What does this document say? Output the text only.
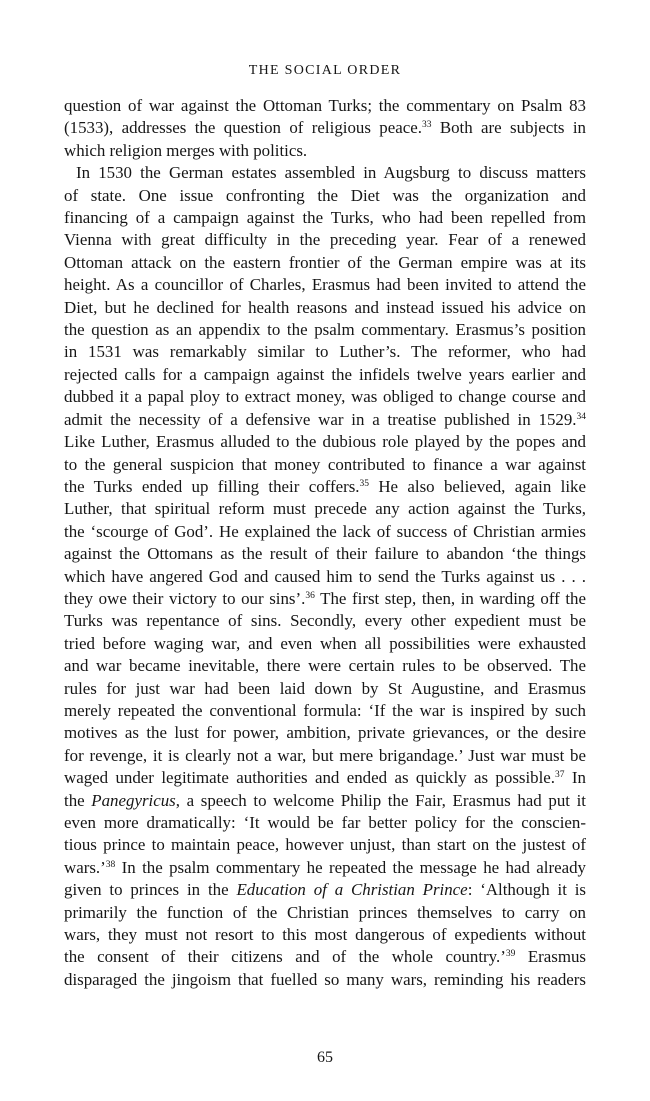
THE SOCIAL ORDER
question of war against the Ottoman Turks; the commentary on Psalm 83
(1533), addresses the question of religious peace.$^{33}$ Both are subjects in
which religion merges with politics.
In 1530 the German estates assembled in Augsburg to discuss matters
of state. One issue confronting the Diet was the organization and
financing of a campaign against the Turks, who had been repelled from
Vienna with great difficulty in the preceding year. Fear of a renewed
Ottoman attack on the eastern frontier of the German empire was at its
height. As a councillor of Charles, Erasmus had been invited to attend the
Diet, but he declined for health reasons and instead issued his advice on
the question as an appendix to the psalm commentary. Erasmus’s position
in 1531 was remarkably similar to Luther’s. The reformer, who had
rejected calls for a campaign against the infidels twelve years earlier and
dubbed it a papal ploy to extract money, was obliged to change course and
admit the necessity of a defensive war in a treatise published in 1529.34
Like Luther, Erasmus alluded to the dubious role played by the popes and
to the general suspicion that money contributed to finance a war against
the Turks ended up filling their coffers.$^{35}$ He also believed, again like
Luther, that spiritual reform must precede any action against the Turks,
the ‘scourge of God’. He explained the lack of success of Christian armies
against the Ottomans as the result of their failure to abandon ‘the things
which have angered God and caused him to send the Turks against us . . .
they owe their victory to our sins’.$^{36}$ The first step, then, in warding off the
Turks was repentance of sins. Secondly, every other expedient must be
tried before waging war, and even when all possibilities were exhausted
and war became inevitable, there were certain rules to be observed. The
rules for just war had been laid down by St Augustine, and Erasmus
merely repeated the conventional formula: ‘If the war is inspired by such
motives as the lust for power, ambition, private grievances, or the desire
for revenge, it is clearly not a war, but mere brigandage.’ Just war must be
waged under legitimate authorities and ended as quickly as possible.$^{37}$ In
the Panegyricus, a speech to welcome Philip the Fair, Erasmus had put it
even more dramatically: ‘It would be far better policy for the conscien-
tious prince to maintain peace, however unjust, than start on the justest of
wars.’$^{38}$ In the psalm commentary he repeated the message he had already
given to princes in the Education of a Christian Prince: ‘Although it is
primarily the function of the Christian princes themselves to carry on
wars, they must not resort to this most dangerous of expedients without
the consent of their citizens and of the whole country.’$^{39}$ Erasmus
disparaged the jingoism that fuelled so many wars, reminding his readers
65
